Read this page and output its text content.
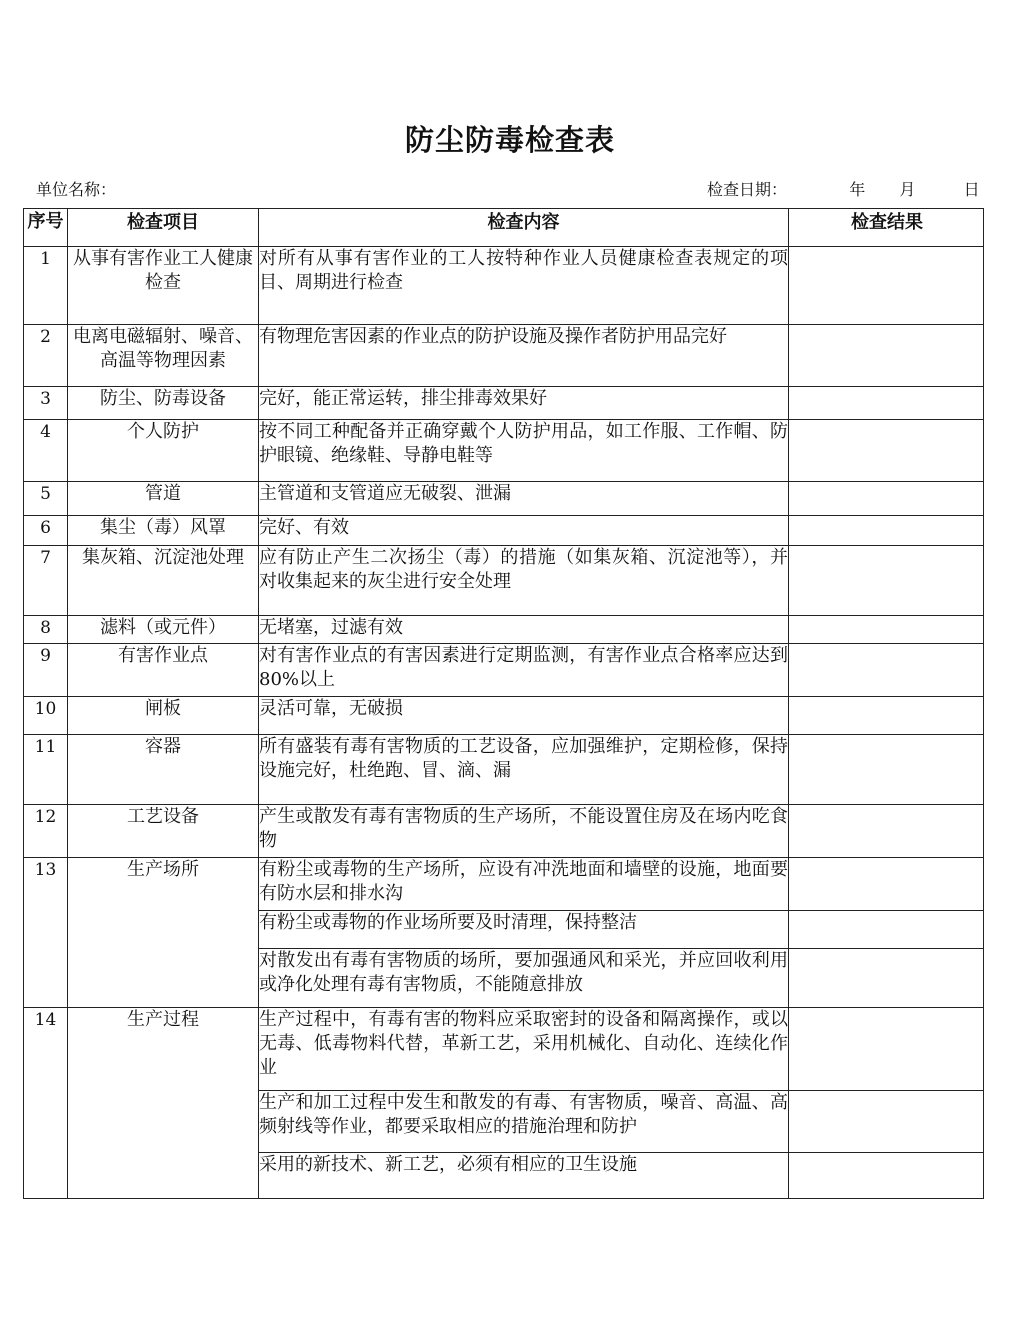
防尘防毒检查表
单位名称：	检查日期：	年 月	日
序号	检查项目	检查内容	检查结果

1	从事有害作业工人健康检查	对所有从事有害作业的工人按特种作业人员健康检查表规定的项目、周期进行检查	
2	电离电磁辐射、噪音、高温等物理因素	有物理危害因素的作业点的防护设施及操作者防护用品完好	
3	防尘、防毒设备	完好，能正常运转，排尘排毒效果好	
4	个人防护	按不同工种配备并正确穿戴个人防护用品，如工作服、工作帽、防护眼镜、绝缘鞋、导静电鞋等	
5	管道	主管道和支管道应无破裂、泄漏	
6	集尘（毒）风罩	完好、有效	
7	集灰箱、沉淀池处理	应有防止产生二次扬尘（毒）的措施（如集灰箱、沉淀池等），并对收集起来的灰尘进行安全处理	
8	滤料（或元件）	无堵塞，过滤有效	
9	有害作业点	对有害作业点的有害因素进行定期监测，有害作业点合格率应达到80%以上	
10	闸板	灵活可靠，无破损	
11	容器	所有盛装有毒有害物质的工艺设备，应加强维护，定期检修，保持设施完好，杜绝跑、冒、滴、漏	
12	工艺设备	产生或散发有毒有害物质的生产场所，不能设置住房及在场内吃食物	
13	生产场所	有粉尘或毒物的生产场所，应设有冲洗地面和墙壁的设施，地面要有防水层和排水沟	
		有粉尘或毒物的作业场所要及时清理，保持整洁	
		对散发出有毒有害物质的场所，要加强通风和采光，并应回收利用或净化处理有毒有害物质，不能随意排放	
14	生产过程	生产过程中，有毒有害的物料应采取密封的设备和隔离操作，或以无毒、低毒物料代替，革新工艺，采用机械化、自动化、连续化作业	
		生产和加工过程中发生和散发的有毒、有害物质，噪音、高温、高频射线等作业，都要采取相应的措施治理和防护	
		采用的新技术、新工艺，必须有相应的卫生设施	
